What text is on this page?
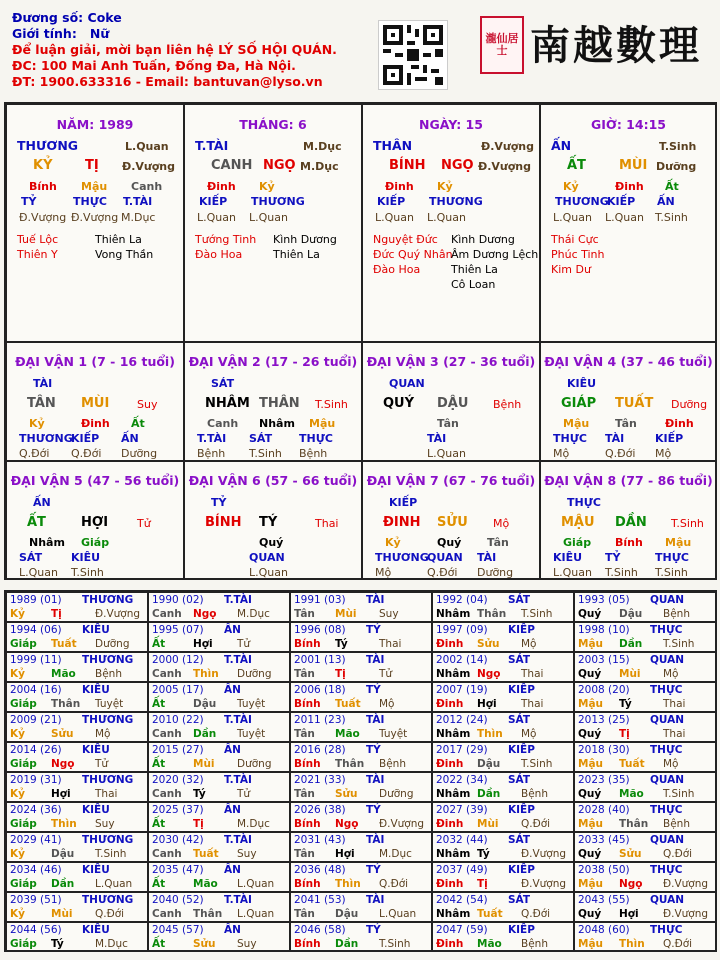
Đương số: Coke
Giới tính: Nữ
Để luận giải, mời bạn liên hệ LÝ SỐ HỘI QUÁN.
ĐC: 100 Mai Anh Tuấn, Đống Đa, Hà Nội.
ĐT: 1900.633316 - Email: bantuvan@lyso.vn
瀧仙居士 南越數理
NĂM: 1989
THƯƠNG	L.Quan
KỶ	TỊ Đ.Vượng
Bính
TỶ
Đ.Vượng
Mậu
THỰC
Đ.Vượng
Canh
T.TÀI
M.Dục
Tuế Lộc
Thiên Y
Thiên La
Vong Thần
THÁNG: 6
T.TÀI	M.Dục
CANH NGỌ M.Dục
Đinh
KIẾP
L.Quan
Kỷ
THƯƠNG
L.Quan
Tướng Tinh
Đào Hoa
Kình Dương
Thiên La
NGÀY: 15
THÂN	Đ.Vượng
BÍNH NGỌ Đ.Vượng
Đinh
KIẾP
L.Quan
Kỷ
THƯƠNG
L.Quan
Nguyệt Đức
Đức Quý Nhân
Đào Hoa
Kình Dương
Âm Dương Lệch
Thiên La
Cô Loan
GIỜ: 14:15
ẤN	T.Sinh
ẤT	MÙI Dưỡng
Kỷ
THƯƠNG
L.Quan
Đinh
KIẾP
L.Quan
Ất
ẤN
T.Sinh
Thái Cực
Phúc Tinh
Kim Dư
ĐẠI VẬN 1 (7 - 16 tuổi)
TÀI
TÂN MÙI	Suy
Kỷ
THƯƠNG
Q.Đới
Đinh
KIẾP
Q.Đới
Ất
ẤN
Dưỡng
ĐẠI VẬN 2 (17 - 26 tuổi)
SÁT
NHÂM THÂN T.Sinh
Canh
T.TÀI
Bệnh
Nhâm
SÁT
T.Sinh
Mậu
THỰC
Bệnh
ĐẠI VẬN 3 (27 - 36 tuổi)
QUAN
QUÝ DẬU Bệnh
Tân
TÀI
L.Quan
ĐẠI VẬN 4 (37 - 46 tuổi)
KIÊU
GIÁP TUẤT Dưỡng
Mậu
THỰC
Mộ
Tân
TÀI
Q.Đới
Đinh
KIẾP
Mộ
ĐẠI VẬN 5 (47 - 56 tuổi)
ẤN
ẤT	HỢI	Tử
Nhâm
SÁT
L.Quan
Giáp
KIÊU
T.Sinh
ĐẠI VẬN 6 (57 - 66 tuổi)
TỶ
BÍNH TÝ	Thai
Quý
QUAN
L.Quan
ĐẠI VẬN 7 (67 - 76 tuổi)
KIẾP
ĐINH SỬU Mộ
Kỷ
THƯƠNG
Mộ
Quý
QUAN
Q.Đới
Tân
TÀI
Dưỡng
ĐẠI VẬN 8 (77 - 86 tuổi)
THỰC
MẬU DẦN T.Sinh
Giáp
KIÊU
L.Quan
Bính
TỶ
T.Sinh
Mậu
THỰC
T.Sinh
1989 (01) THƯƠNG
Kỷ Tị	Đ.Vượng
1990 (02) T.TÀI
Canh Ngọ M.Dục
1991 (03) TÀI
Tân Mùi Suy
1992 (04) SÁT
Nhâm Thân T.Sinh
1993 (05) QUAN
Quý Dậu Bệnh
1994 (06) KIÊU
Giáp Tuất Dưỡng
1995 (07) ẤN
Ất	Hợi Tử
1996 (08) TỶ
Bính Tý	Thai
1997 (09) KIẾP
Đinh Sửu Mộ
1998 (10) THỰC
Mậu Dần T.Sinh
1999 (11) THƯƠNG
Kỷ Mão Bệnh
2000 (12) T.TÀI
Canh Thìn Dưỡng
2001 (13) TÀI
Tân Tị	Tử
2002 (14) SÁT
Nhâm Ngọ Thai
2003 (15) QUAN
Quý Mùi Mộ
2004 (16) KIÊU
Giáp Thân Tuyệt
2005 (17) ẤN
Ất	Dậu Tuyệt
2006 (18) TỶ
Bính Tuất Mộ
2007 (19) KIẾP
Đinh Hợi Thai
2008 (20) THỰC
Mậu Tý	Thai
2009 (21) THƯƠNG
Kỷ Sửu Mộ
2010 (22) T.TÀI
Canh Dần Tuyệt
2011 (23) TÀI
Tân Mão Tuyệt
2012 (24) SÁT
Nhâm Thìn Mộ
2013 (25) QUAN
Quý Tị	Thai
2014 (26) KIÊU
Giáp Ngọ Tử
2015 (27) ẤN
Ất	Mùi Dưỡng
2016 (28) TỶ
Bính Thân Bệnh
2017 (29) KIẾP
Đinh Dậu T.Sinh
2018 (30) THỰC
Mậu Tuất Mộ
2019 (31) THƯƠNG
Kỷ Hợi Thai
2020 (32) T.TÀI
Canh Tý	Tử
2021 (33) TÀI
Tân Sửu Dưỡng
2022 (34) SÁT
Nhâm Dần Bệnh
2023 (35) QUAN
Quý Mão T.Sinh
2024 (36) KIÊU
Giáp Thìn Suy
2025 (37) ẤN
Ất	Tị	M.Dục
2026 (38) TỶ
Bính Ngọ Đ.Vượng
2027 (39) KIẾP
Đinh Mùi Q.Đới
2028 (40) THỰC
Mậu Thân Bệnh
2029 (41) THƯƠNG
Kỷ Dậu T.Sinh
2030 (42) T.TÀI
Canh Tuất Suy
2031 (43) TÀI
Tân Hợi M.Dục
2032 (44) SÁT
Nhâm Tý	Đ.Vượng
2033 (45) QUAN
Quý Sửu Q.Đới
2034 (46) KIÊU
Giáp Dần L.Quan
2035 (47) ẤN
Ất	Mão L.Quan
2036 (48) TỶ
Bính Thìn Q.Đới
2037 (49) KIẾP
Đinh Tị	Đ.Vượng
2038 (50) THỰC
Mậu Ngọ Đ.Vượng
2039 (51) THƯƠNG
Kỷ Mùi Q.Đới
2040 (52) T.TÀI
Canh Thân L.Quan
2041 (53) TÀI
Tân Dậu L.Quan
2042 (54) SÁT
Nhâm Tuất Q.Đới
2043 (55) QUAN
Quý Hợi Đ.Vượng
2044 (56) KIÊU
Giáp Tý	M.Dục
2045 (57) ẤN
Ất	Sửu Suy
2046 (58) TỶ
Bính Dần T.Sinh
2047 (59) KIẾP
Đinh Mão Bệnh
2048 (60) THỰC
Mậu Thìn Q.Đới
